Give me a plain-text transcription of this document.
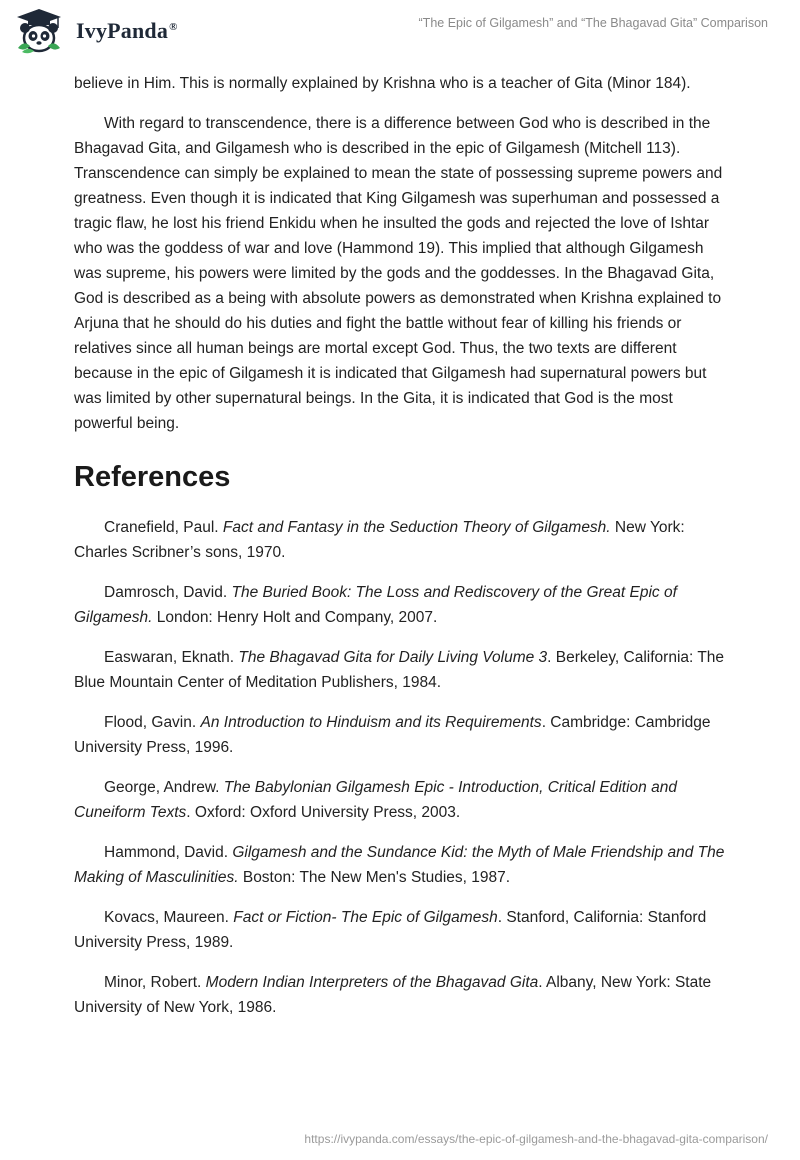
IvyPanda®	“The Epic of Gilgamesh” and “The Bhagavad Gita” Comparison

believe in Him. This is normally explained by Krishna who is a teacher of Gita (Minor 184).

With regard to transcendence, there is a difference between God who is described in the Bhagavad Gita, and Gilgamesh who is described in the epic of Gilgamesh (Mitchell 113). Transcendence can simply be explained to mean the state of possessing supreme powers and greatness. Even though it is indicated that King Gilgamesh was superhuman and possessed a tragic flaw, he lost his friend Enkidu when he insulted the gods and rejected the love of Ishtar who was the goddess of war and love (Hammond 19). This implied that although Gilgamesh was supreme, his powers were limited by the gods and the goddesses. In the Bhagavad Gita, God is described as a being with absolute powers as demonstrated when Krishna explained to Arjuna that he should do his duties and fight the battle without fear of killing his friends or relatives since all human beings are mortal except God. Thus, the two texts are different because in the epic of Gilgamesh it is indicated that Gilgamesh had supernatural powers but was limited by other supernatural beings. In the Gita, it is indicated that God is the most powerful being.

References

Cranefield, Paul. Fact and Fantasy in the Seduction Theory of Gilgamesh. New York: Charles Scribner’s sons, 1970.

Damrosch, David. The Buried Book: The Loss and Rediscovery of the Great Epic of Gilgamesh. London: Henry Holt and Company, 2007.

Easwaran, Eknath. The Bhagavad Gita for Daily Living Volume 3. Berkeley, California: The Blue Mountain Center of Meditation Publishers, 1984.

Flood, Gavin. An Introduction to Hinduism and its Requirements. Cambridge: Cambridge University Press, 1996.

George, Andrew. The Babylonian Gilgamesh Epic - Introduction, Critical Edition and Cuneiform Texts. Oxford: Oxford University Press, 2003.

Hammond, David. Gilgamesh and the Sundance Kid: the Myth of Male Friendship and The Making of Masculinities. Boston: The New Men's Studies, 1987.

Kovacs, Maureen. Fact or Fiction- The Epic of Gilgamesh. Stanford, California: Stanford University Press, 1989.

Minor, Robert. Modern Indian Interpreters of the Bhagavad Gita. Albany, New York: State University of New York, 1986.

https://ivypanda.com/essays/the-epic-of-gilgamesh-and-the-bhagavad-gita-comparison/
